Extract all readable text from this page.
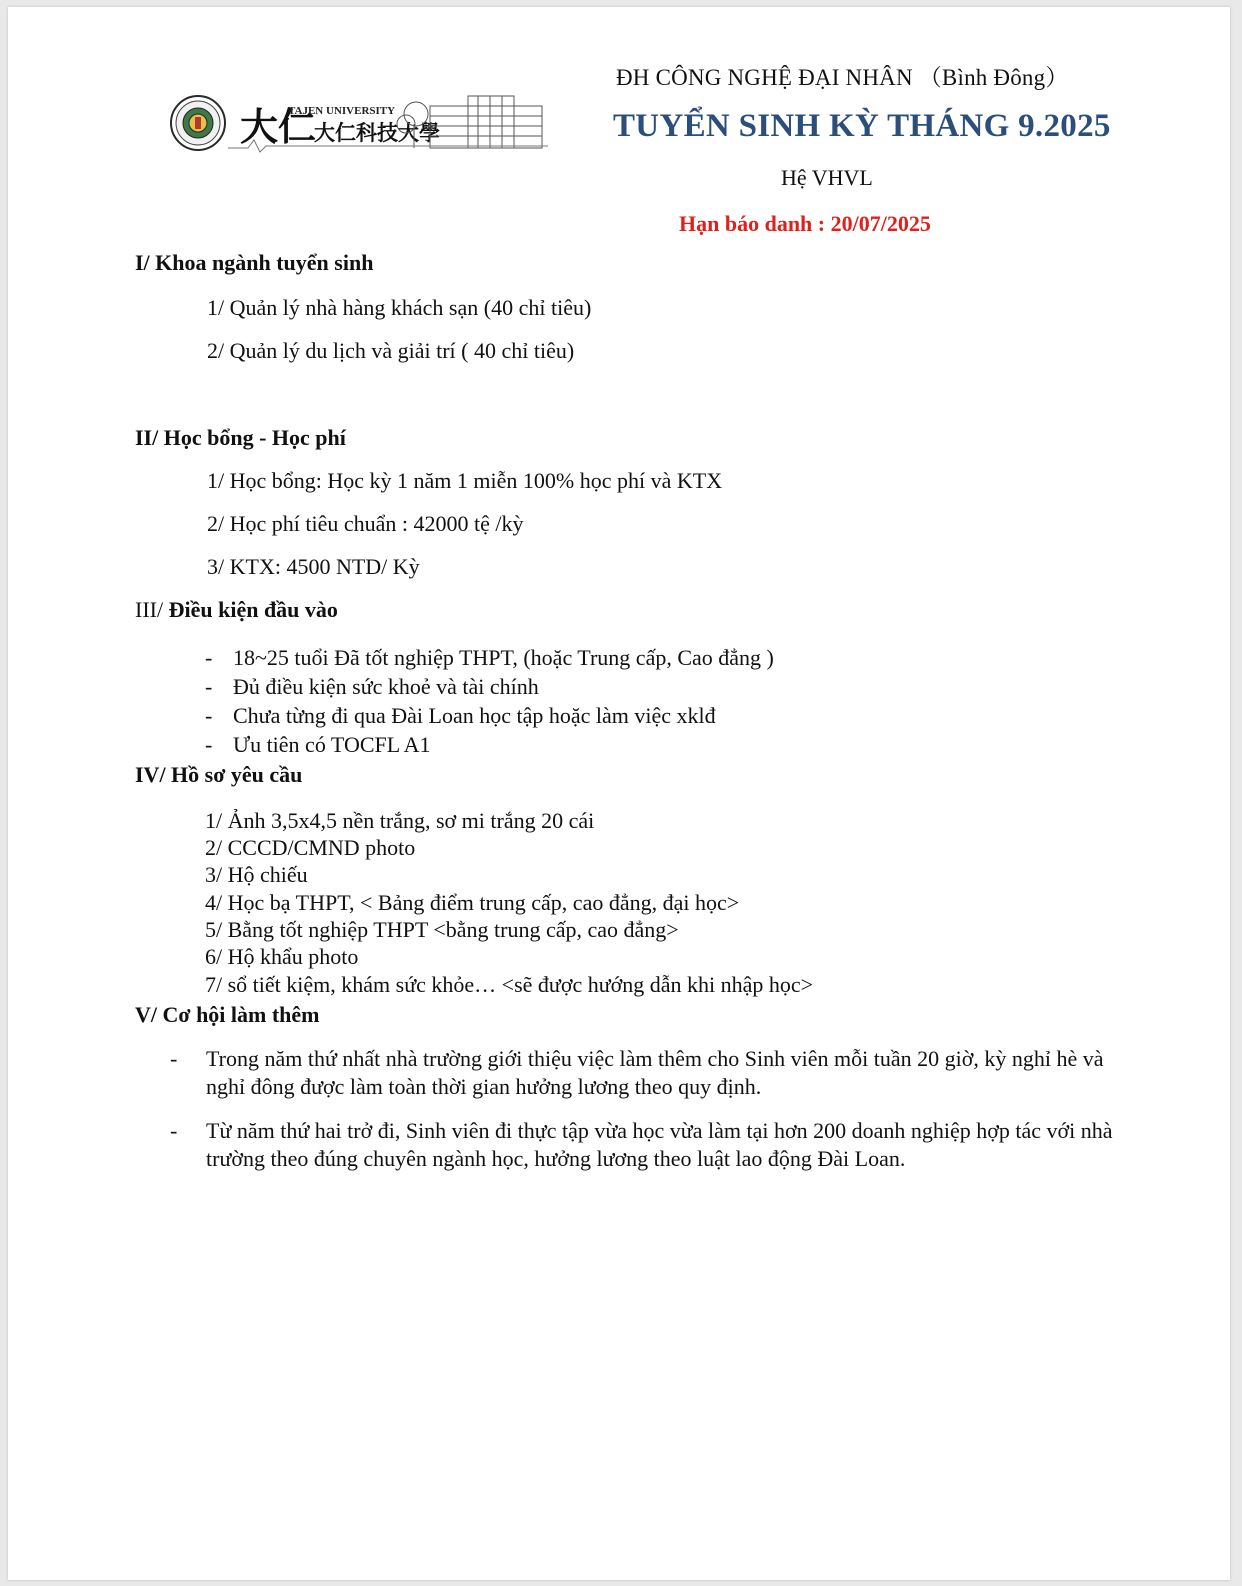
大仁
大仁科技大學
TAJEN UNIVERSITY
ĐH CÔNG NGHỆ ĐẠI NHÂN （Bình Đông）
TUYỂN SINH KỲ THÁNG 9.2025
Hệ VHVL
Hạn báo danh : 20/07/2025
I/ Khoa ngành tuyển sinh
1/ Quản lý nhà hàng khách sạn (40 chỉ tiêu)
2/ Quản lý du lịch và giải trí ( 40 chỉ tiêu)
II/ Học bổng - Học phí
1/ Học bổng: Học kỳ 1 năm 1 miễn 100% học phí và KTX
2/ Học phí tiêu chuẩn : 42000 tệ /kỳ
3/ KTX: 4500 NTD/ Kỳ
III/ Điều kiện đầu vào
- 18~25 tuổi Đã tốt nghiệp THPT, (hoặc Trung cấp, Cao đẳng )
- Đủ điều kiện sức khoẻ và tài chính
- Chưa từng đi qua Đài Loan học tập hoặc làm việc xklđ
- Ưu tiên có TOCFL A1
IV/ Hồ sơ yêu cầu
1/ Ảnh 3,5x4,5 nền trắng, sơ mi trắng 20 cái
2/ CCCD/CMND photo
3/ Hộ chiếu
4/ Học bạ THPT, < Bảng điểm trung cấp, cao đẳng, đại học>
5/ Bằng tốt nghiệp THPT <bằng trung cấp, cao đẳng>
6/ Hộ khẩu photo
7/ sổ tiết kiệm, khám sức khỏe… <sẽ được hướng dẫn khi nhập học>
V/ Cơ hội làm thêm
- Trong năm thứ nhất nhà trường giới thiệu việc làm thêm cho Sinh viên mỗi tuần 20 giờ, kỳ nghỉ hè và nghỉ đông được làm toàn thời gian hưởng lương theo quy định.
- Từ năm thứ hai trở đi, Sinh viên đi thực tập vừa học vừa làm tại hơn 200 doanh nghiệp hợp tác với nhà trường theo đúng chuyên ngành học, hưởng lương theo luật lao động Đài Loan.
